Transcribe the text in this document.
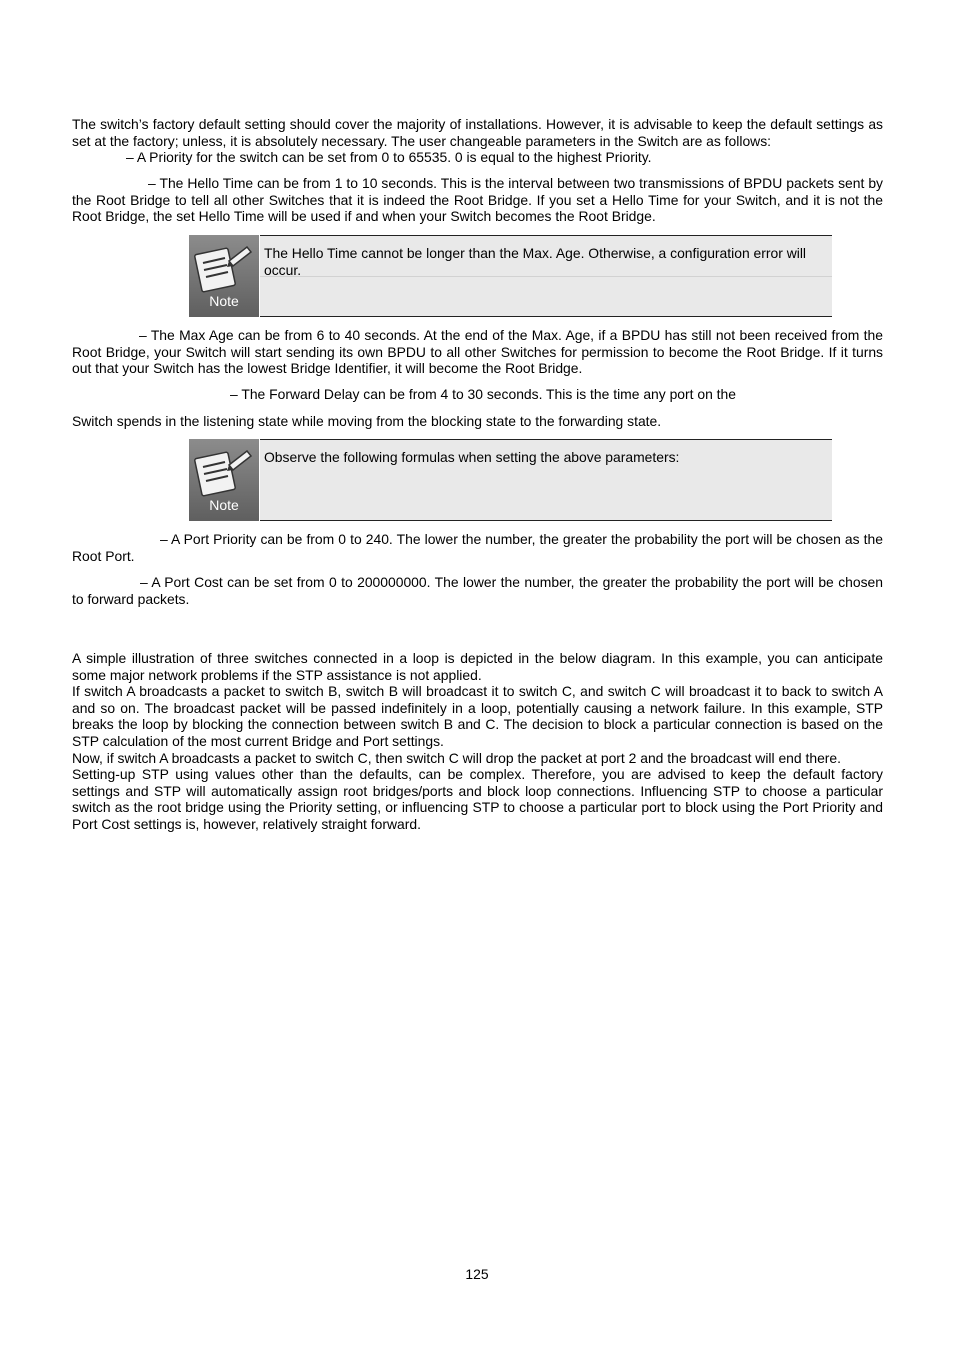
The switch’s factory default setting should cover the majority of installations. However, it is advisable to keep the default settings as set at the factory; unless, it is absolutely necessary. The user changeable parameters in the Switch are as follows:

– A Priority for the switch can be set from 0 to 65535. 0 is equal to the highest Priority.

– The Hello Time can be from 1 to 10 seconds. This is the interval between two transmissions of BPDU packets sent by the Root Bridge to tell all other Switches that it is indeed the Root Bridge. If you set a Hello Time for your Switch, and it is not the Root Bridge, the set Hello Time will be used if and when your Switch becomes the Root Bridge.

Note
The Hello Time cannot be longer than the Max. Age. Otherwise, a configuration error will occur.

– The Max Age can be from 6 to 40 seconds. At the end of the Max. Age, if a BPDU has still not been received from the Root Bridge, your Switch will start sending its own BPDU to all other Switches for permission to become the Root Bridge. If it turns out that your Switch has the lowest Bridge Identifier, it will become the Root Bridge.

– The Forward Delay can be from 4 to 30 seconds. This is the time any port on the

Switch spends in the listening state while moving from the blocking state to the forwarding state.

Note
Observe the following formulas when setting the above parameters:

– A Port Priority can be from 0 to 240. The lower the number, the greater the probability the port will be chosen as the Root Port.

– A Port Cost can be set from 0 to 200000000. The lower the number, the greater the probability the port will be chosen to forward packets.

A simple illustration of three switches connected in a loop is depicted in the below diagram. In this example, you can anticipate some major network problems if the STP assistance is not applied.

If switch A broadcasts a packet to switch B, switch B will broadcast it to switch C, and switch C will broadcast it to back to switch A and so on. The broadcast packet will be passed indefinitely in a loop, potentially causing a network failure. In this example, STP breaks the loop by blocking the connection between switch B and C. The decision to block a particular connection is based on the STP calculation of the most current Bridge and Port settings.

Now, if switch A broadcasts a packet to switch C, then switch C will drop the packet at port 2 and the broadcast will end there.

Setting-up STP using values other than the defaults, can be complex. Therefore, you are advised to keep the default factory settings and STP will automatically assign root bridges/ports and block loop connections. Influencing STP to choose a particular switch as the root bridge using the Priority setting, or influencing STP to choose a particular port to block using the Port Priority and Port Cost settings is, however, relatively straight forward.

125
